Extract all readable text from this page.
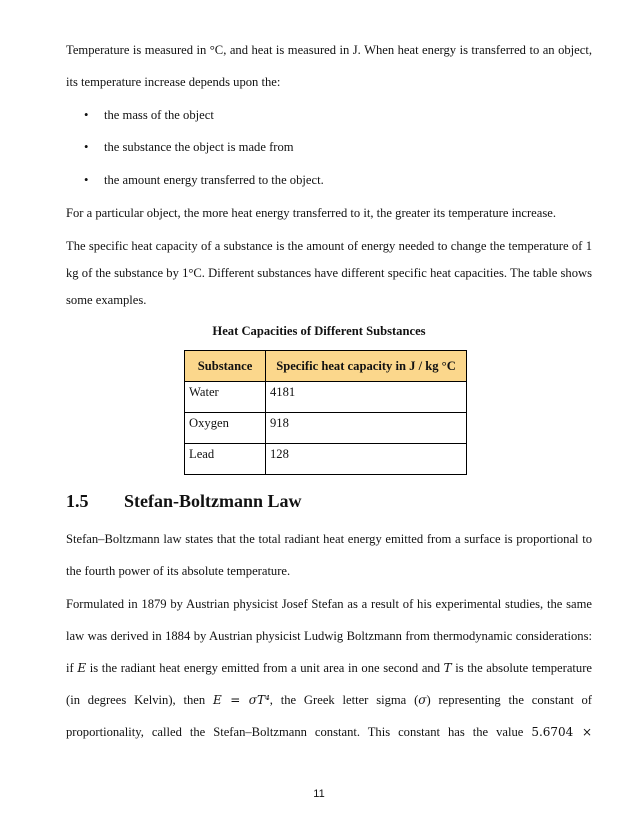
Temperature is measured in °C, and heat is measured in J. When heat energy is transferred to an object,
its temperature increase depends upon the:
• the mass of the object
• the substance the object is made from
• the amount energy transferred to the object.
For a particular object, the more heat energy transferred to it, the greater its temperature increase.
The specific heat capacity of a substance is the amount of energy needed to change the temperature of 1
kg of the substance by 1°C. Different substances have different specific heat capacities. The table shows
some examples.
Heat Capacities of Different Substances
Substance	Specific heat capacity in J / kg °C
Water	4181
Oxygen	918
Lead	128
1.5 Stefan-Boltzmann Law
Stefan–Boltzmann law states that the total radiant heat energy emitted from a surface is proportional to
the fourth power of its absolute temperature.
Formulated in 1879 by Austrian physicist Josef Stefan as a result of his experimental studies, the same
law was derived in 1884 by Austrian physicist Ludwig Boltzmann from thermodynamic considerations:
if E is the radiant heat energy emitted from a unit area in one second and T is the absolute temperature
(in degrees Kelvin), then E = σT⁴, the Greek letter sigma (σ) representing the constant of
proportionality, called the Stefan–Boltzmann constant. This constant has the value 5.6704 ×
11
